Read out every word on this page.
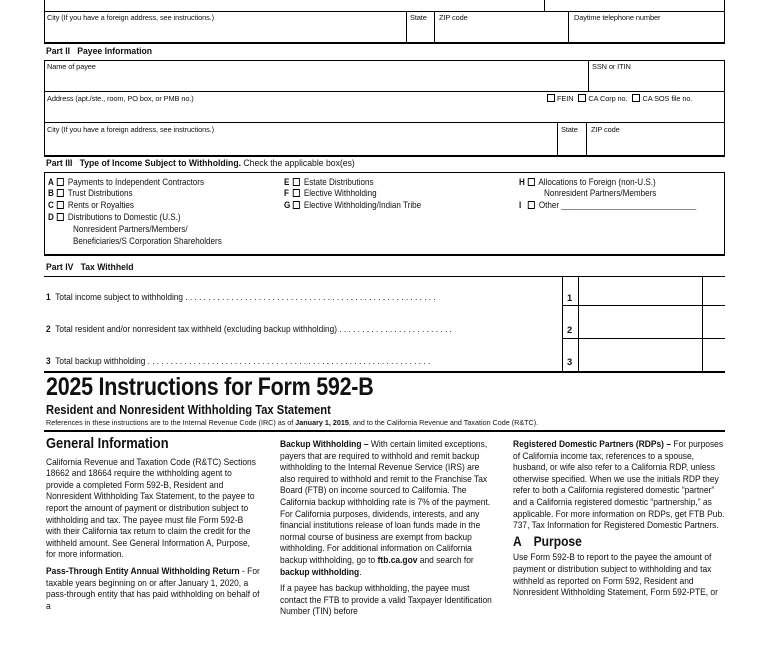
City (If you have a foreign address, see instructions.)	State ZIP code	Daytime telephone number
Part II Payee Information
Name of payee	SSN or ITIN
Address (apt./ste., room, PO box, or PMB no.)	FEIN CA Corp no. CA SOS file no.
City (If you have a foreign address, see instructions.)	State ZIP code
Part III Type of Income Subject to Withholding. Check the applicable box(es)
A Payments to Independent Contractors
B Trust Distributions
C Rents or Royalties
D Distributions to Domestic (U.S.)
Nonresident Partners/Members/
Beneficiaries/S Corporation Shareholders
E Estate Distributions
F Elective Withholding
G Elective Withholding/Indian Tribe
H Allocations to Foreign (non-U.S.)
Nonresident Partners/Members
I Other ______________________________
Part IV Tax Withheld
1 Total income subject to withholding . . . . . . . . . . . . . . . . . . . . . . . . . . . . . . . . . . . . . . . . . . . . . . . . . . . . . . .	1
2 Total resident and/or nonresident tax withheld (excluding backup withholding) . . . . . . . . . . . . . . . . . . . . . . . . .	2
3 Total backup withholding . . . . . . . . . . . . . . . . . . . . . . . . . . . . . . . . . . . . . . . . . . . . . . . . . . . . . . . . . . . . . .	3
2025 Instructions for Form 592-B
Resident and Nonresident Withholding Tax Statement
References in these instructions are to the Internal Revenue Code (IRC) as of January 1, 2015, and to the California Revenue and Taxation Code (R&TC).
General Information

California Revenue and Taxation Code (R&TC) Sections 18662 and 18664 require the withholding agent to provide a completed Form 592-B, Resident and Nonresident Withholding Tax Statement, to the payee to report the amount of payment or distribution subject to withholding and tax. The payee must file Form 592-B with their California tax return to claim the credit for the withheld amount. See General Information A, Purpose, for more information.

Pass-Through Entity Annual Withholding Return - For taxable years beginning on or after January 1, 2020, a pass-through entity that has paid withholding on behalf of a

Backup Withholding – With certain limited exceptions, payers that are required to withhold and remit backup withholding to the Internal Revenue Service (IRS) are also required to withhold and remit to the Franchise Tax Board (FTB) on income sourced to California. The California backup withholding rate is 7% of the payment. For California purposes, dividends, interests, and any financial institutions release of loan funds made in the normal course of business are exempt from backup withholding. For additional information on California backup withholding, go to ftb.ca.gov and search for backup withholding.

If a payee has backup withholding, the payee must contact the FTB to provide a valid Taxpayer Identification Number (TIN) before

Registered Domestic Partners (RDPs) – For purposes of California income tax, references to a spouse, husband, or wife also refer to a California RDP, unless otherwise specified. When we use the initials RDP they refer to both a California registered domestic “partner” and a California registered domestic “partnership,” as applicable. For more information on RDPs, get FTB Pub. 737, Tax Information for Registered Domestic Partners.

A Purpose

Use Form 592-B to report to the payee the amount of payment or distribution subject to withholding and tax withheld as reported on Form 592, Resident and Nonresident Withholding Statement, Form 592-PTE, or
